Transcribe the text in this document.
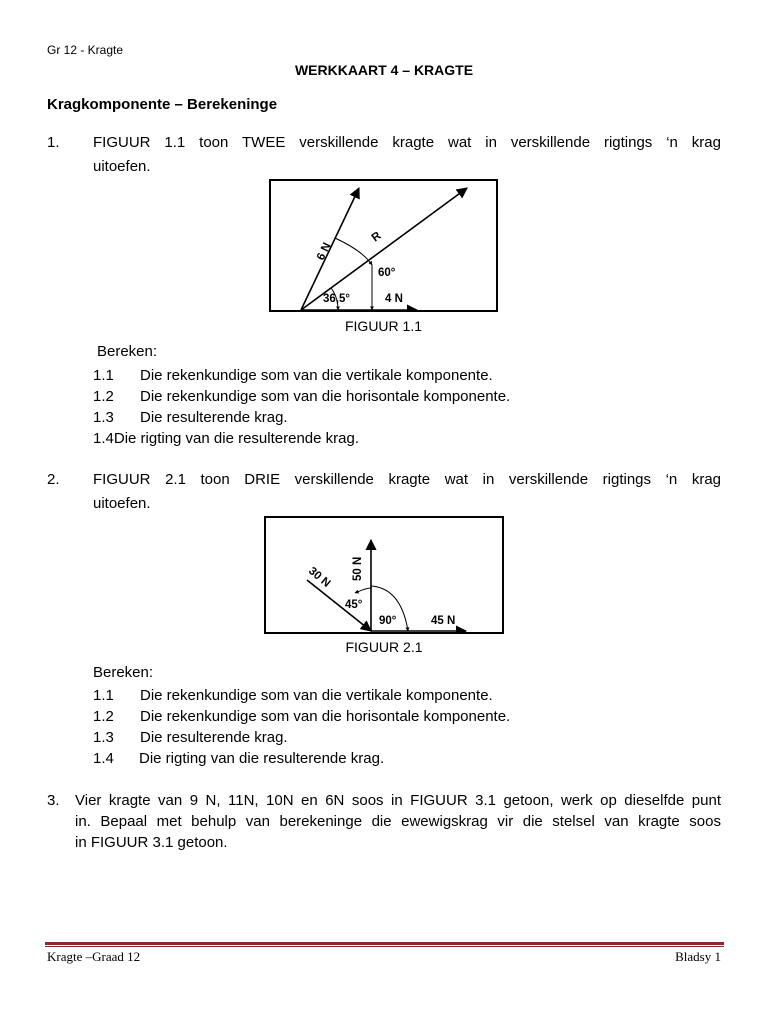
Gr 12 - Kragte
WERKKAART 4 – KRAGTE
Kragkomponente – Berekeninge
1. FIGUUR 1.1 toon TWEE verskillende kragte wat in verskillende rigtings ‘n krag
uitoefen.
6 N
R
60°
36,5°	4 N
FIGUUR 1.1
Bereken:
1.1 Die rekenkundige som van die vertikale komponente.
1.2 Die rekenkundige som van die horisontale komponente.
1.3 Die resulterende krag.
1.4Die rigting van die resulterende krag.
2. FIGUUR 2.1 toon DRIE verskillende kragte wat in verskillende rigtings ‘n krag
uitoefen.
30 N 50 N
45°
90°	45 N
FIGUUR 2.1
Bereken:
1.1 Die rekenkundige som van die vertikale komponente.
1.2 Die rekenkundige som van die horisontale komponente.
1.3 Die resulterende krag.
1.4 Die rigting van die resulterende krag.
3. Vier kragte van 9 N, 11N, 10N en 6N soos in FIGUUR 3.1 getoon, werk op dieselfde punt
in. Bepaal met behulp van berekeninge die ewewigskrag vir die stelsel van kragte soos
in FIGUUR 3.1 getoon.
Kragte –Graad 12	Bladsy 1
